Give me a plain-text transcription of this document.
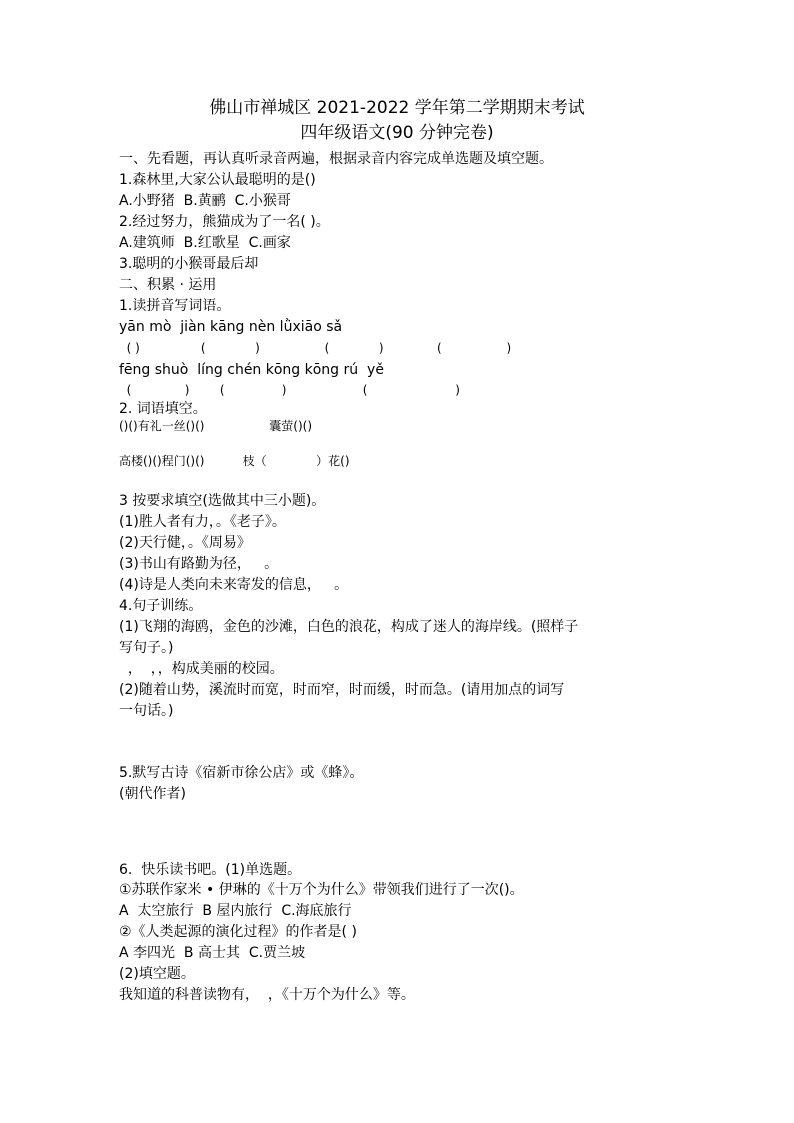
佛山市禅城区 2021-2022 学年第二学期期末考试
四年级语文(90 分钟完卷)
一、先看题，再认真听录音两遍，根据录音内容完成单选题及填空题。
1.森林里,大家公认最聪明的是()
A.小野猪  B.黄鹂  C.小猴哥
2.经过努力，熊猫成为了一名( )。
A.建筑师  B.红歌星  C.画家
3.聪明的小猴哥最后却
二、积累 · 运用
1.读拼音写词语。
yān mò  jiàn kāng nèn lǜxiāo sǎ
( )                (             )                 (             )              (                 )
fēng shuò  líng chén kōng kōng rú  yě
(              )        (               )                    (                       )
2. 词语填空。
()()有礼一丝()()                 囊萤()()
高楼()()程门()()          枝（             ）花()
3 按要求填空(选做其中三小题)。
(1)胜人者有力，。《老子》。
(2)天行健，。《周易》
(3)书山有路勤为径，   。
(4)诗是人类向未来寄发的信息，   。
4.句子训练。
(1)飞翔的海鸥，金色的沙滩，白色的浪花，构成了迷人的海岸线。(照样子
写句子。)
，  ，，构成美丽的校园。
(2)随着山势，溪流时而宽，时而窄，时而缓，时而急。(请用加点的词写
一句话。)
5.默写古诗《宿新市徐公店》或《蜂》。
(朝代作者)
6.  快乐读书吧。(1)单选题。
①苏联作家米 • 伊琳的《十万个为什么》带领我们进行了一次()。
A  太空旅行  B 屋内旅行  C.海底旅行
②《人类起源的演化过程》的作者是( )
A 李四光  B 高士其  C.贾兰坡
(2)填空题。
我知道的科普读物有，  ，《十万个为什么》等。
